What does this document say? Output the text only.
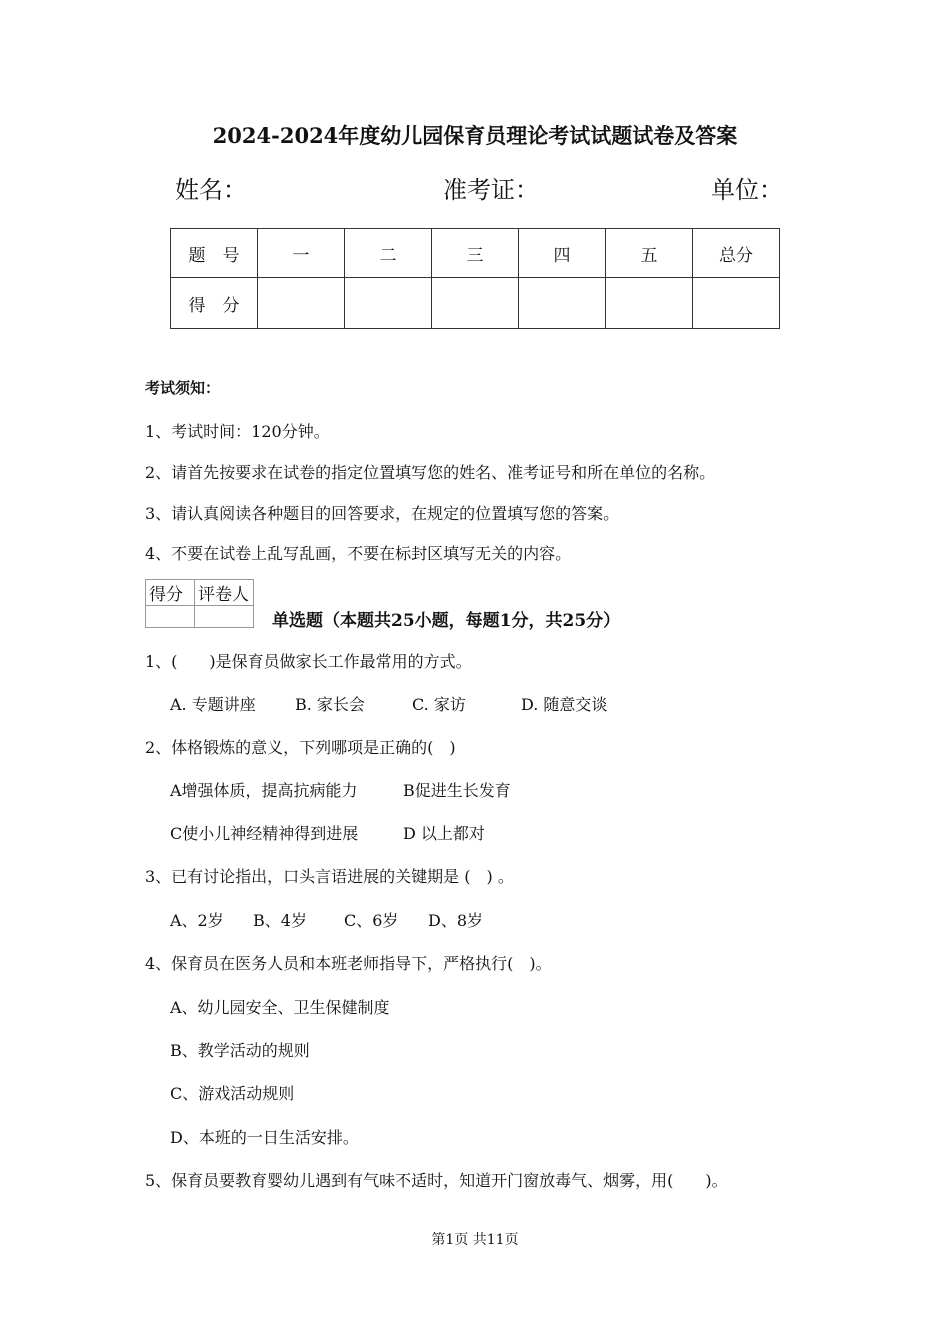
2024-2024年度幼儿园保育员理论考试试题试卷及答案
姓名：	准考证：	单位：
题　号	一	二	三	四	五	总分
得　分						
考试须知：
1、考试时间：120分钟。
2、请首先按要求在试卷的指定位置填写您的姓名、准考证号和所在单位的名称。
3、请认真阅读各种题目的回答要求，在规定的位置填写您的答案。
4、不要在试卷上乱写乱画，不要在标封区填写无关的内容。
得分	评卷人

单选题（本题共25小题，每题1分，共25分）
1、(　　)是保育员做家长工作最常用的方式。
A. 专题讲座 B. 家长会	C. 家访	D. 随意交谈
2、体格锻炼的意义，下列哪项是正确的(　)
A增强体质，提高抗病能力	B促进生长发育
C使小儿神经精神得到进展	D 以上都对
3、已有讨论指出，口头言语进展的关键期是 (　) 。
A、2岁 B、4岁 C、6岁 D、8岁
4、保育员在医务人员和本班老师指导下，严格执行(　)。
A、幼儿园安全、卫生保健制度
B、教学活动的规则
C、游戏活动规则
D、本班的一日生活安排。
5、保育员要教育婴幼儿遇到有气味不适时，知道开门窗放毒气、烟雾，用(　　)。
第1页 共11页
